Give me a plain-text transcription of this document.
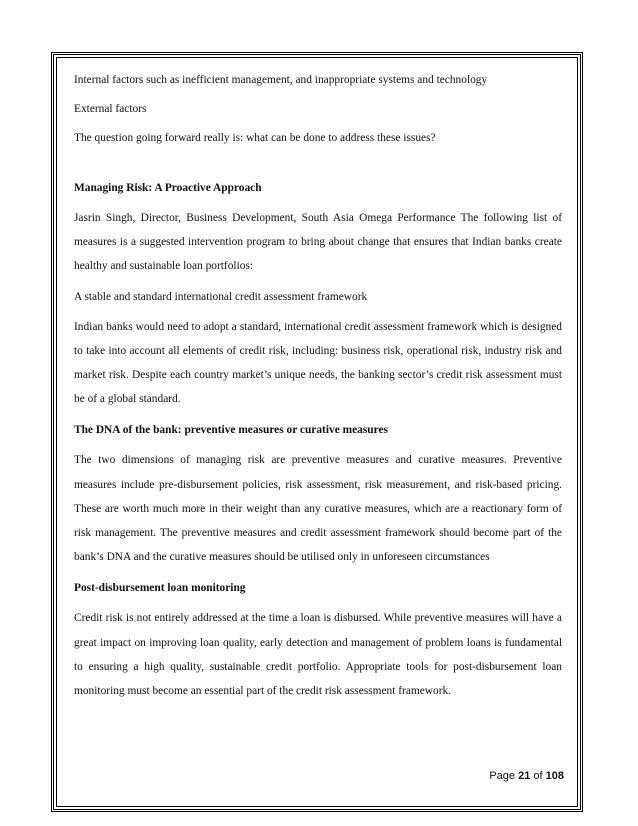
Internal factors such as inefficient management, and inappropriate systems and technology

External factors

The question going forward really is: what can be done to address these issues?

Managing Risk: A Proactive Approach

Jasrin Singh, Director, Business Development, South Asia Omega Performance The following list of measures is a suggested intervention program to bring about change that ensures that Indian banks create healthy and sustainable loan portfolios:

A stable and standard international credit assessment framework

Indian banks would need to adopt a standard, international credit assessment framework which is designed to take into account all elements of credit risk, including: business risk, operational risk, industry risk and market risk. Despite each country market’s unique needs, the banking sector’s credit risk assessment must be of a global standard.

The DNA of the bank: preventive measures or curative measures

The two dimensions of managing risk are preventive measures and curative measures. Preventive measures include pre-disbursement policies, risk assessment, risk measurement, and risk-based pricing. These are worth much more in their weight than any curative measures, which are a reactionary form of risk management. The preventive measures and credit assessment framework should become part of the bank’s DNA and the curative measures should be utilised only in unforeseen circumstances

Post-disbursement loan monitoring

Credit risk is not entirely addressed at the time a loan is disbursed. While preventive measures will have a great impact on improving loan quality, early detection and management of problem loans is fundamental to ensuring a high quality, sustainable credit portfolio. Appropriate tools for post-disbursement loan monitoring must become an essential part of the credit risk assessment framework.

Page 21 of 108
